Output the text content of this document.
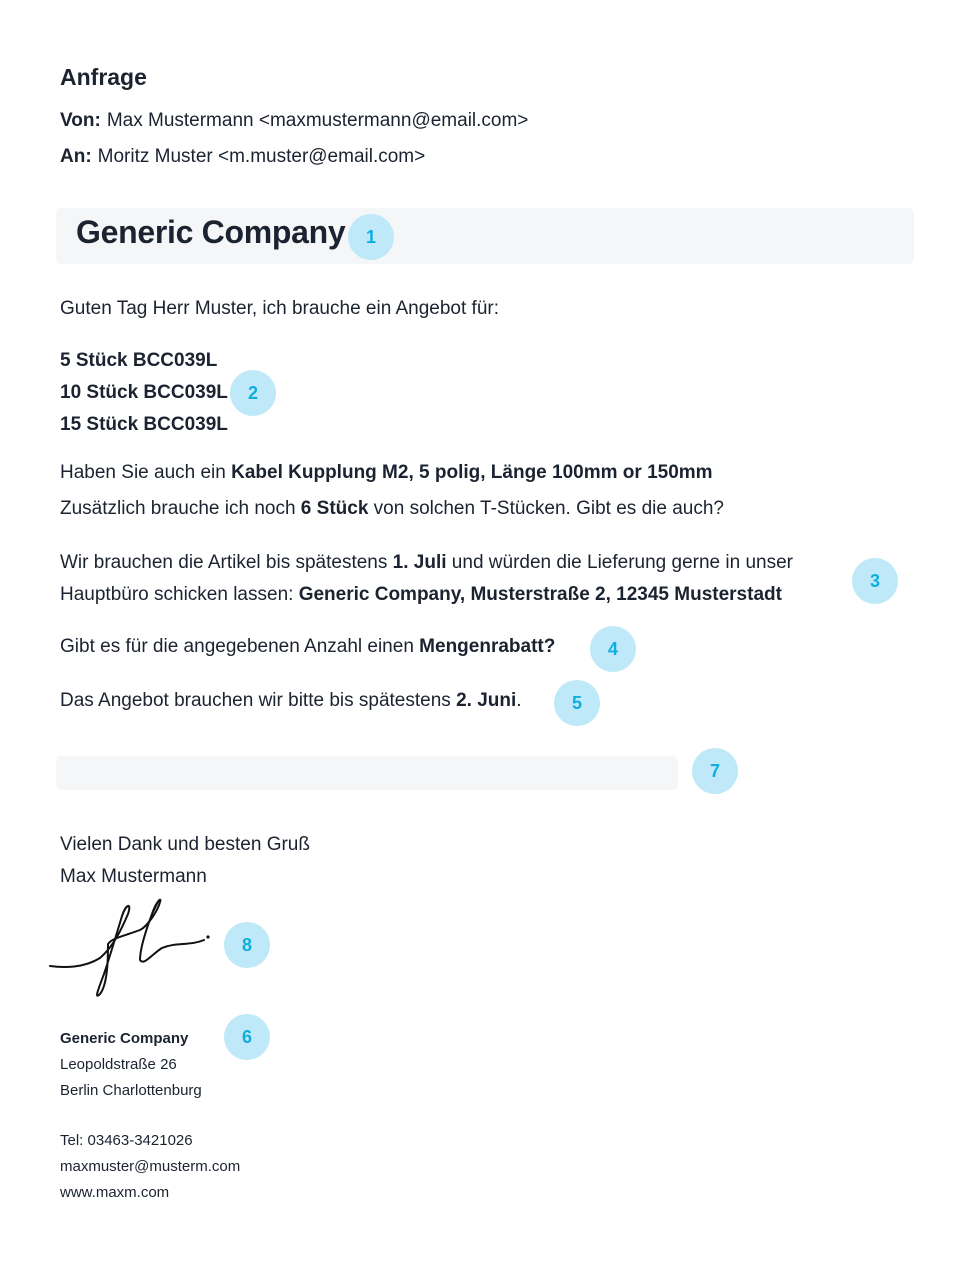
Anfrage
Von: Max Mustermann <maxmustermann@email.com>
An: Moritz Muster <m.muster@email.com>
Generic Company	1
Guten Tag Herr Muster, ich brauche ein Angebot für:
5 Stück BCC039L
10 Stück BCC039L
15 Stück BCC039L
2
Haben Sie auch ein Kabel Kupplung M2, 5 polig, Länge 100mm or 150mm
Zusätzlich brauche ich noch 6 Stück von solchen T-Stücken. Gibt es die auch?
Wir brauchen die Artikel bis spätestens 1. Juli und würden die Lieferung gerne in unser
Hauptbüro schicken lassen: Generic Company, Musterstraße 2, 12345 Musterstadt
3
Gibt es für die angegebenen Anzahl einen Mengenrabatt?	4
Das Angebot brauchen wir bitte bis spätestens 2. Juni.	5
7
Vielen Dank und besten Gruß
Max Mustermann
8
Generic Company
Leopoldstraße 26
Berlin Charlottenburg
6
Tel: 03463-3421026
maxmuster@musterm.com
www.maxm.com
